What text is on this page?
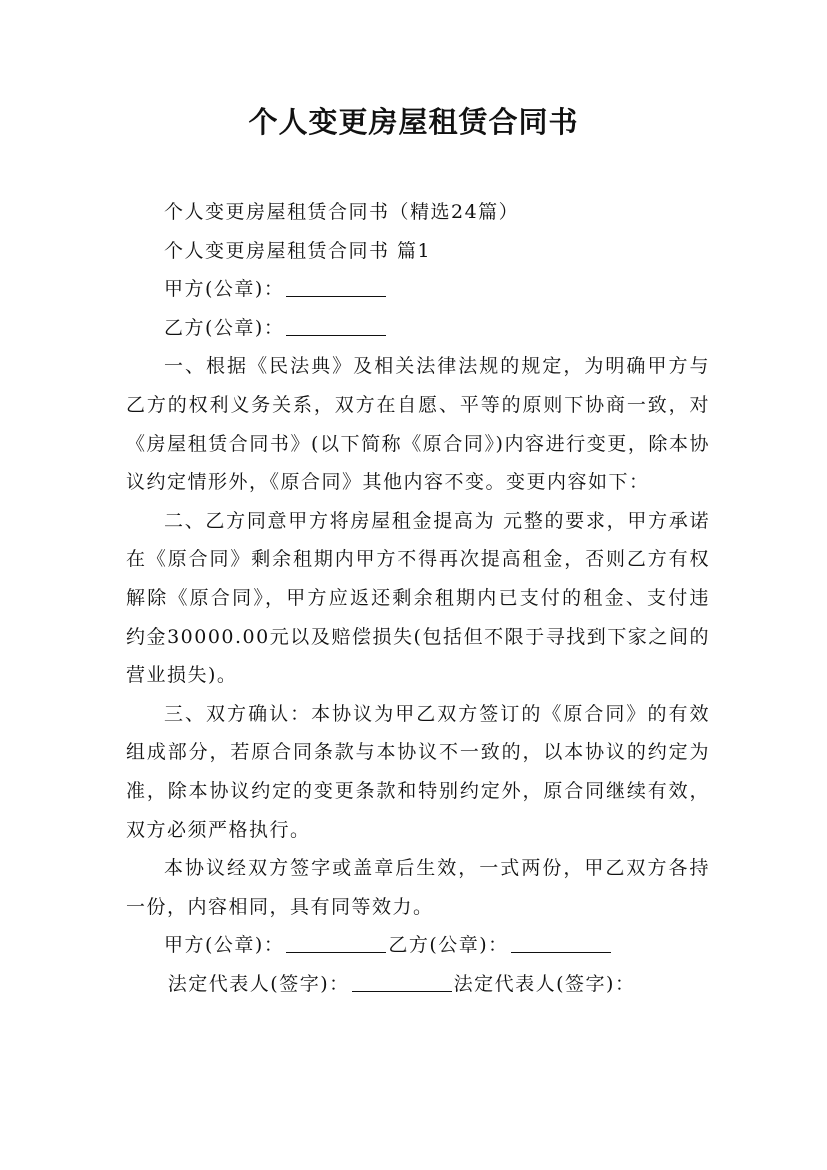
个人变更房屋租赁合同书

个人变更房屋租赁合同书（精选24篇）

个人变更房屋租赁合同书 篇1

甲方(公章)：

乙方(公章)：

一、根据《民法典》及相关法律法规的规定，为明确甲方与乙方的权利义务关系，双方在自愿、平等的原则下协商一致，对《房屋租赁合同书》(以下简称《原合同》)内容进行变更，除本协议约定情形外，《原合同》其他内容不变。变更内容如下：

二、乙方同意甲方将房屋租金提高为 元整的要求，甲方承诺在《原合同》剩余租期内甲方不得再次提高租金，否则乙方有权解除《原合同》，甲方应返还剩余租期内已支付的租金、支付违约金30000.00元以及赔偿损失(包括但不限于寻找到下家之间的营业损失)。

三、双方确认：本协议为甲乙双方签订的《原合同》的有效组成部分，若原合同条款与本协议不一致的，以本协议的约定为准，除本协议约定的变更条款和特别约定外，原合同继续有效，双方必须严格执行。

本协议经双方签字或盖章后生效，一式两份，甲乙双方各持一份，内容相同，具有同等效力。

甲方(公章)：	乙方(公章)：

法定代表人(签字)：	法定代表人(签字)：
